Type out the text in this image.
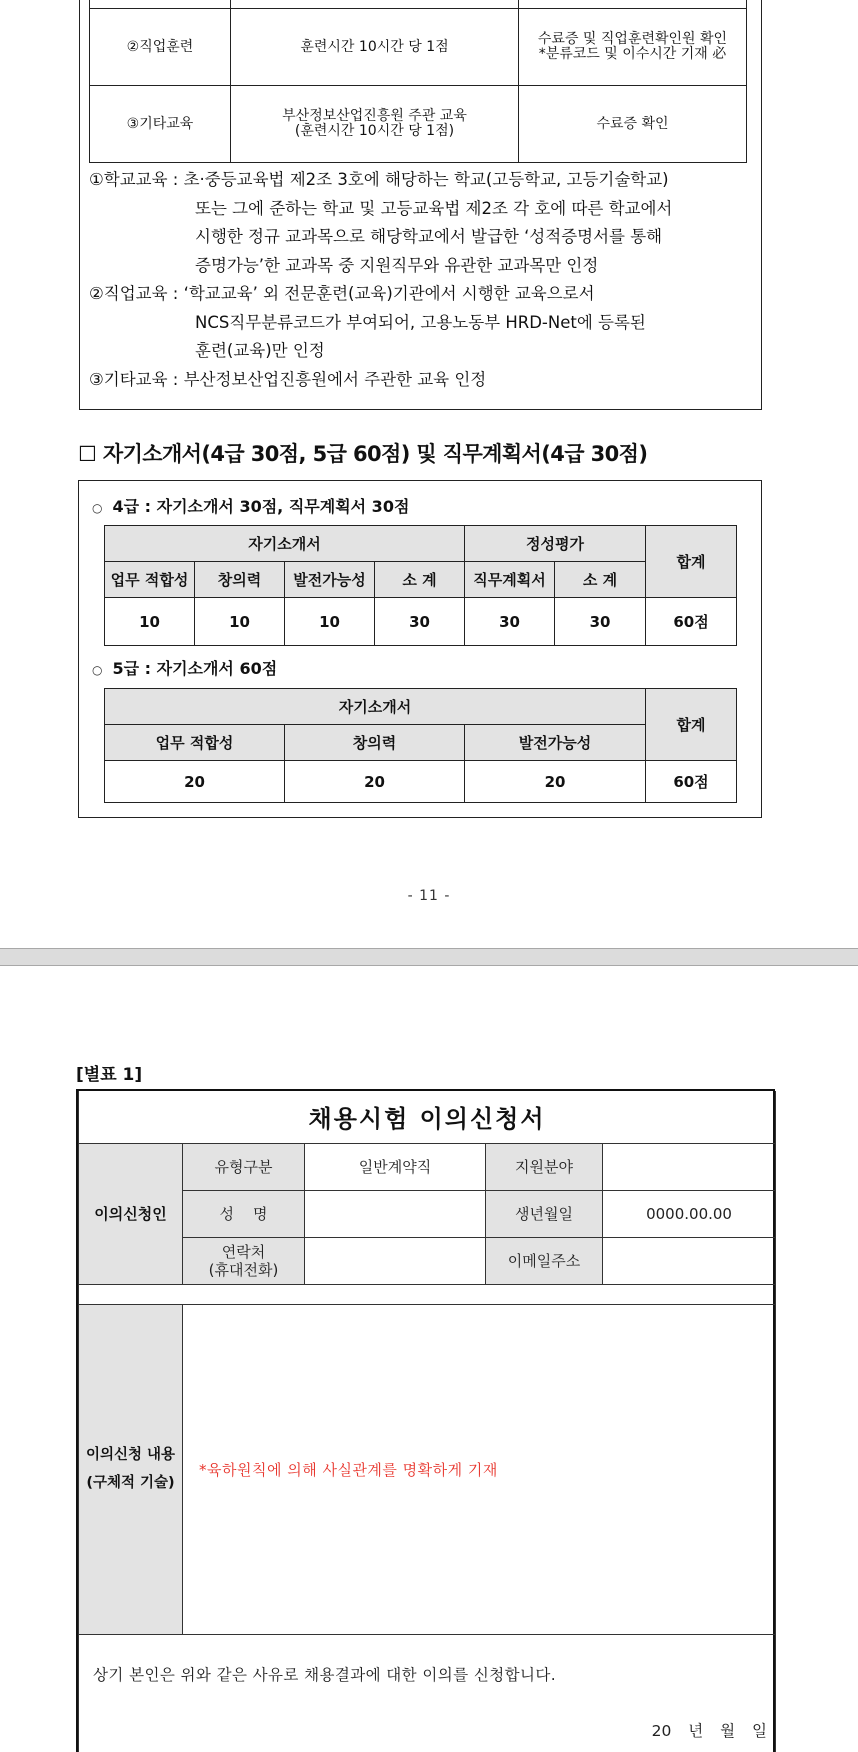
②직업훈련	훈련시간 10시간 당 1점	수료증 및 직업훈련확인원 확인
*분류코드 및 이수시간 기재 必

③기타교육	부산정보산업진흥원 주관 교육
(훈련시간 10시간 당 1점)	수료증 확인
①학교교육 : 초·중등교육법 제2조 3호에 해당하는 학교(고등학교, 고등기술학교)
또는 그에 준하는 학교 및 고등교육법 제2조 각 호에 따른 학교에서
시행한 정규 교과목으로 해당학교에서 발급한 ‘성적증명서를 통해
증명가능’한 교과목 중 지원직무와 유관한 교과목만 인정
②직업교육 : ‘학교교육’ 외 전문훈련(교육)기관에서 시행한 교육으로서
NCS직무분류코드가 부여되어, 고용노동부 HRD-Net에 등록된
훈련(교육)만 인정
③기타교육 : 부산정보산업진흥원에서 주관한 교육 인정
☐ 자기소개서(4급 30점, 5급 60점) 및 직무계획서(4급 30점)
○ 4급 : 자기소개서 30점, 직무계획서 30점
자기소개서				정성평가		합계
업무 적합성	창의력	발전가능성	소 계	직무계획서	소 계	
10	10	10	30	30	30	60점
○ 5급 : 자기소개서 60점
자기소개서			합계
업무 적합성	창의력	발전가능성	
20	20	20	60점
- 11 -
[별표 1]
채용시험 이의신청서				
이의신청인	유형구분	일반계약직	지원분야	
	성    명		생년월일	0000.00.00

	연락처
(휴대전화)		이메일주소	

이의신청 내용
(구체적 기술)	*육하원칙에 의해 사실관계를 명확하게 기재			
상기 본인은 위와 같은 사유로 채용결과에 대한 이의를 신청합니다.
20 년 월 일				
